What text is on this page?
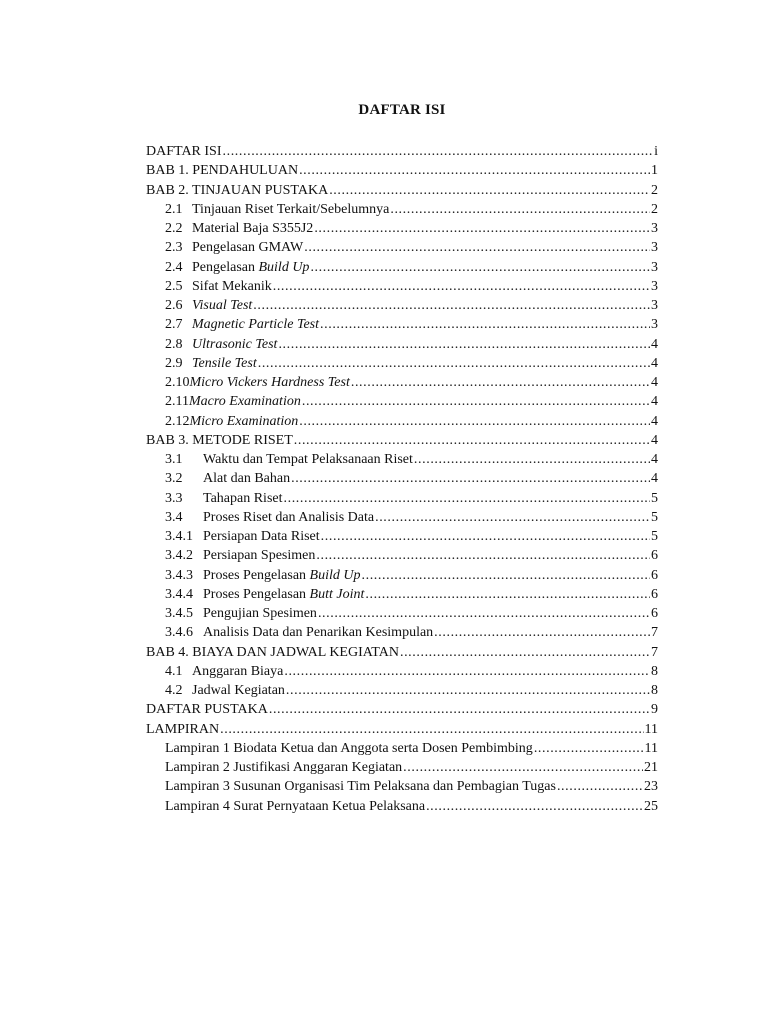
DAFTAR ISI
DAFTAR ISI .....	i
BAB 1. PENDAHULUAN .....	1
BAB 2. TINJAUAN PUSTAKA .....	2
2.1 Tinjauan Riset Terkait/Sebelumnya .....	2
2.2 Material Baja S355J2 .....	3
2.3 Pengelasan GMAW .....	3
2.4 Pengelasan Build Up .....	3
2.5 Sifat Mekanik .....	3
2.6 Visual Test .....	3
2.7 Magnetic Particle Test .....	3
2.8 Ultrasonic Test .....	4
2.9 Tensile Test .....	4
2.10 Micro Vickers Hardness Test .....	4
2.11 Macro Examination .....	4
2.12 Micro Examination .....	4
BAB 3. METODE RISET .....	4
3.1	Waktu dan Tempat Pelaksanaan Riset .....	4
3.2	Alat dan Bahan .....	4
3.3	Tahapan Riset .....	5
3.4	Proses Riset dan Analisis Data .....	5
3.4.1 Persiapan Data Riset .....	5
3.4.2 Persiapan Spesimen .....	6
3.4.3 Proses Pengelasan Build Up .....	6
3.4.4 Proses Pengelasan Butt Joint .....	6
3.4.5 Pengujian Spesimen .....	6
3.4.6 Analisis Data dan Penarikan Kesimpulan .....	7
BAB 4. BIAYA DAN JADWAL KEGIATAN .....	7
4.1 Anggaran Biaya .....	8
4.2 Jadwal Kegiatan .....	8
DAFTAR PUSTAKA .....	9
LAMPIRAN .....	11
Lampiran 1 Biodata Ketua dan Anggota serta Dosen Pembimbing .....	11
Lampiran 2 Justifikasi Anggaran Kegiatan .....	21
Lampiran 3 Susunan Organisasi Tim Pelaksana dan Pembagian Tugas .....	23
Lampiran 4 Surat Pernyataan Ketua Pelaksana .....	25
